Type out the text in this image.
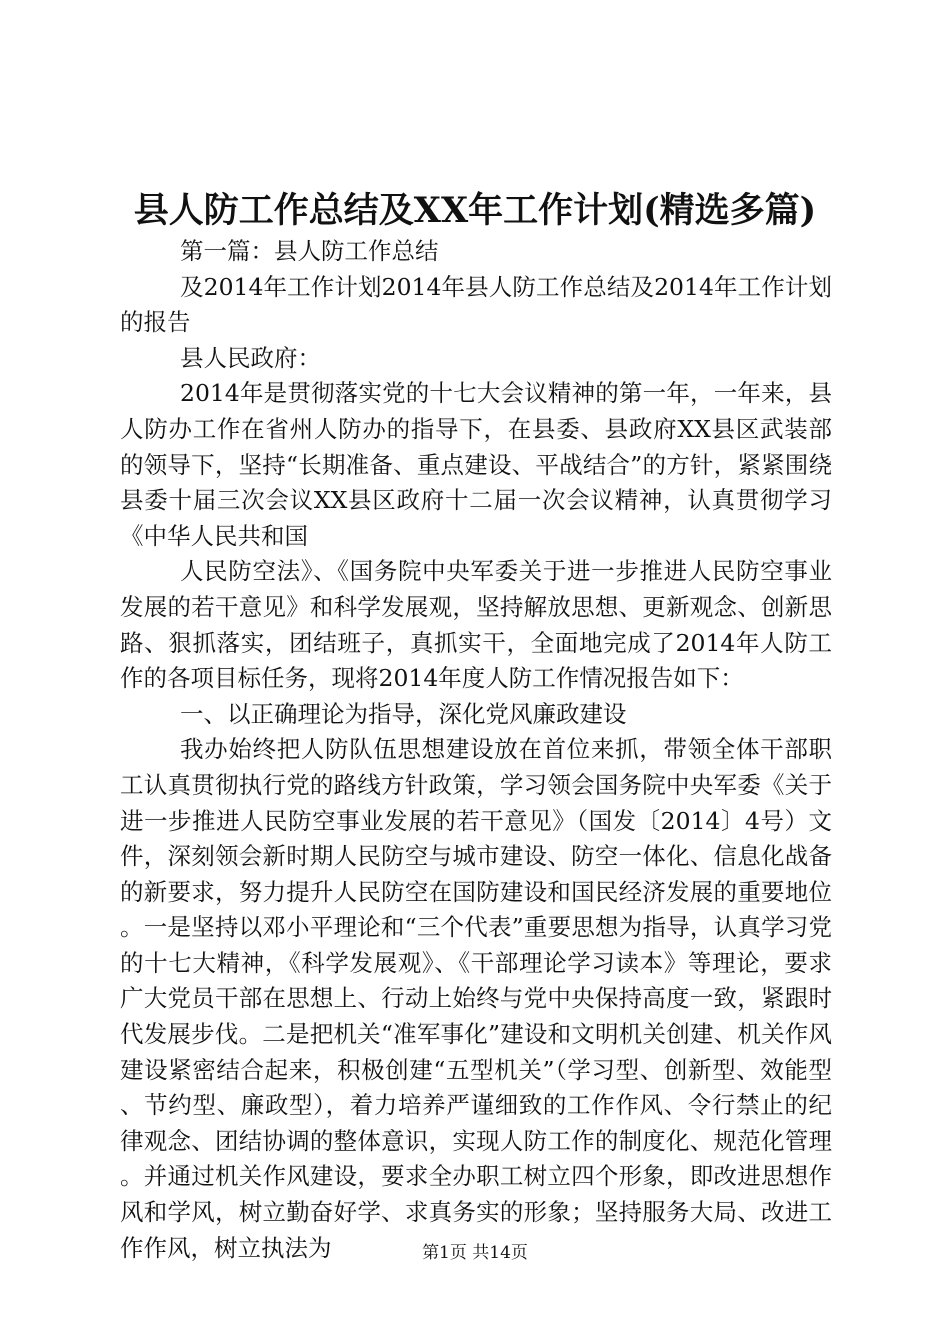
县人防工作总结及XX年工作计划(精选多篇)

第一篇：县人防工作总结

及2014年工作计划2014年县人防工作总结及2014年工作计划的报告

县人民政府：

2014年是贯彻落实党的十七大会议精神的第一年，一年来，县人防办工作在省州人防办的指导下，在县委、县政府XX县区武装部的领导下，坚持“长期准备、重点建设、平战结合”的方针，紧紧围绕县委十届三次会议XX县区政府十二届一次会议精神，认真贯彻学习《中华人民共和国

人民防空法》、《国务院中央军委关于进一步推进人民防空事业发展的若干意见》和科学发展观，坚持解放思想、更新观念、创新思路、狠抓落实，团结班子，真抓实干，全面地完成了2014年人防工作的各项目标任务，现将2014年度人防工作情况报告如下：

一、以正确理论为指导，深化党风廉政建设

我办始终把人防队伍思想建设放在首位来抓，带领全体干部职工认真贯彻执行党的路线方针政策，学习领会国务院中央军委《关于进一步推进人民防空事业发展的若干意见》（国发〔2014〕4号）文件，深刻领会新时期人民防空与城市建设、防空一体化、信息化战备的新要求，努力提升人民防空在国防建设和国民经济发展的重要地位。一是坚持以邓小平理论和“三个代表”重要思想为指导，认真学习党的十七大精神，《科学发展观》、《干部理论学习读本》等理论，要求广大党员干部在思想上、行动上始终与党中央保持高度一致，紧跟时代发展步伐。二是把机关“准军事化”建设和文明机关创建、机关作风建设紧密结合起来，积极创建“五型机关”（学习型、创新型、效能型、节约型、廉政型），着力培养严谨细致的工作作风、令行禁止的纪律观念、团结协调的整体意识，实现人防工作的制度化、规范化管理。并通过机关作风建设，要求全办职工树立四个形象，即改进思想作风和学风，树立勤奋好学、求真务实的形象；坚持服务大局、改进工作作风，树立执法为	第1页 共14页
